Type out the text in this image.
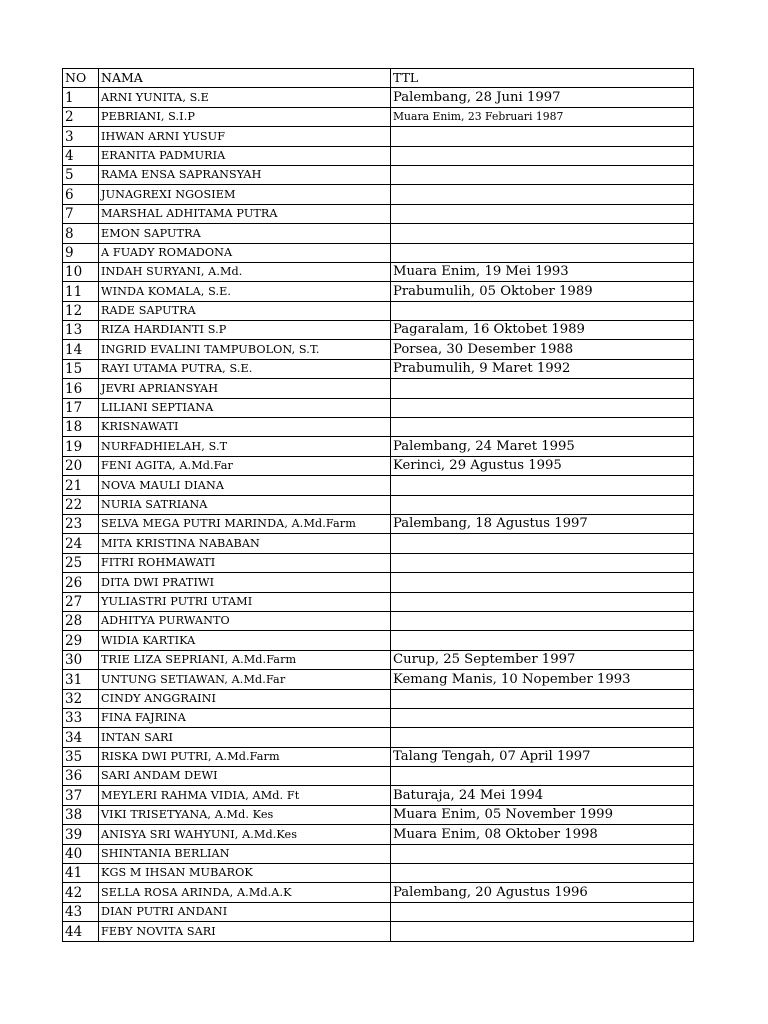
NO	NAMA	TTL
1	ARNI YUNITA, S.E	Palembang, 28 Juni 1997
2	PEBRIANI, S.I.P	Muara Enim, 23 Februari 1987
3	IHWAN ARNI YUSUF	
4	ERANITA PADMURIA	
5	RAMA ENSA SAPRANSYAH	
6	JUNAGREXI NGOSIEM	
7	MARSHAL ADHITAMA PUTRA	
8	EMON SAPUTRA	
9	A FUADY ROMADONA	
10	INDAH SURYANI, A.Md.	Muara Enim, 19 Mei 1993
11	WINDA KOMALA, S.E.	Prabumulih, 05 Oktober 1989
12	RADE SAPUTRA	
13	RIZA HARDIANTI S.P	Pagaralam, 16 Oktobet 1989
14	INGRID EVALINI TAMPUBOLON, S.T.	Porsea, 30 Desember 1988
15	RAYI UTAMA PUTRA, S.E.	Prabumulih, 9 Maret 1992
16	JEVRI APRIANSYAH	
17	LILIANI SEPTIANA	
18	KRISNAWATI	
19	NURFADHIELAH, S.T	Palembang, 24 Maret 1995
20	FENI AGITA, A.Md.Far	Kerinci, 29 Agustus 1995
21	NOVA MAULI DIANA	
22	NURIA SATRIANA	
23	SELVA MEGA PUTRI MARINDA, A.Md.Farm	Palembang, 18 Agustus 1997
24	MITA KRISTINA NABABAN	
25	FITRI ROHMAWATI	
26	DITA DWI PRATIWI	
27	YULIASTRI PUTRI UTAMI	
28	ADHITYA PURWANTO	
29	WIDIA KARTIKA	
30	TRIE LIZA SEPRIANI, A.Md.Farm	Curup, 25 September 1997
31	UNTUNG SETIAWAN, A.Md.Far	Kemang Manis, 10 Nopember 1993
32	CINDY ANGGRAINI	
33	FINA FAJRINA	
34	INTAN SARI	
35	RISKA DWI PUTRI, A.Md.Farm	Talang Tengah, 07 April 1997
36	SARI ANDAM DEWI	
37	MEYLERI RAHMA VIDIA, AMd. Ft	Baturaja, 24 Mei 1994
38	VIKI TRISETYANA, A.Md. Kes	Muara Enim, 05 November 1999
39	ANISYA SRI WAHYUNI, A.Md.Kes	Muara Enim, 08 Oktober 1998
40	SHINTANIA BERLIAN	
41	KGS M IHSAN MUBAROK	
42	SELLA ROSA ARINDA, A.Md.A.K	Palembang, 20 Agustus 1996
43	DIAN PUTRI ANDANI	
44	FEBY NOVITA SARI	
